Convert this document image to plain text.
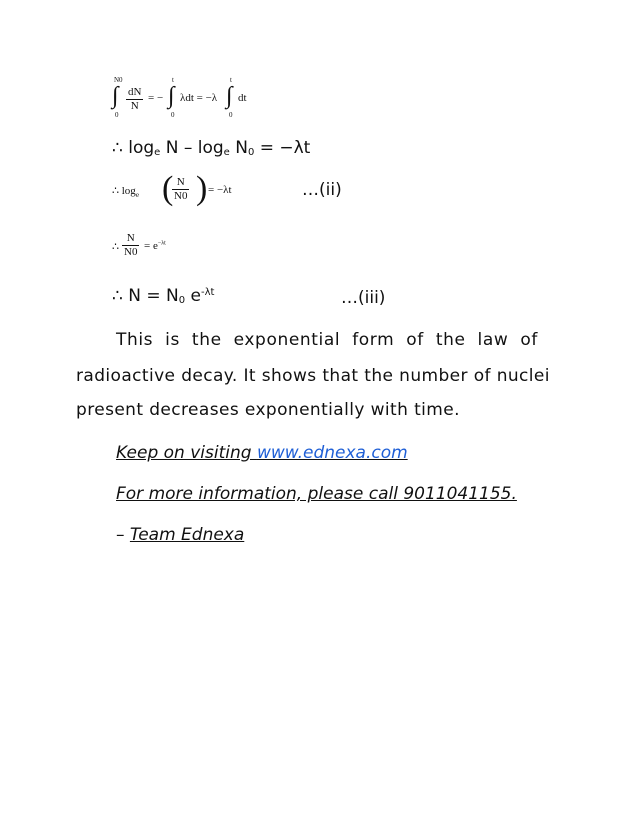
N0
∫
0
$\frac{dN}{N}$ = −
t
∫
0
λdt = −λ
t
∫
0
dt
∴ $\log_e N - \log_e N_0 = -\lambda t$
∴ $\log_e$ (
$\frac{N}{N0}$ ) = −λt	…(ii)
∴ $\frac{N}{N0} = e^{-\lambda t}$
∴ $N = N_0$ $e^{-\lambda t}$	…(iii)
This  is  the  exponential  form  of  the  law  of
radioactive decay. It shows that the number of nuclei
present decreases exponentially with time.
Keep on visiting www.ednexa.com
For more information, please call 9011041155.
– Team Ednexa
